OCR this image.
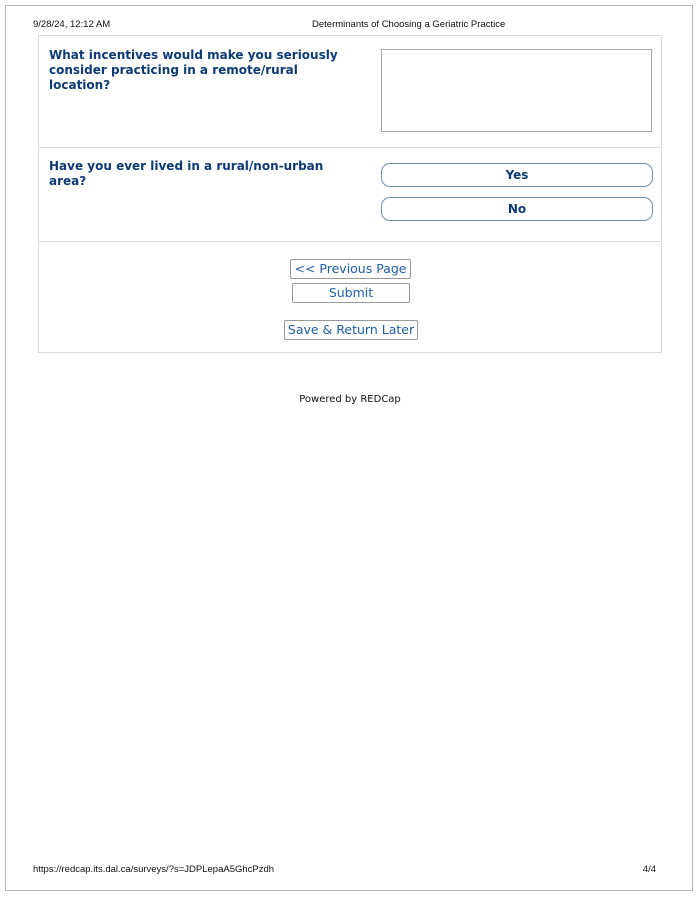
9/28/24, 12:12 AM	Determinants of Choosing a Geriatric Practice
What incentives would make you seriously consider practicing in a remote/rural location?
Have you ever lived in a rural/non-urban area?	Yes
No
<< Previous Page
Submit
Save & Return Later
Powered by REDCap
https://redcap.its.dal.ca/surveys/?s=JDPLepaA5GhcPzdh	4/4
